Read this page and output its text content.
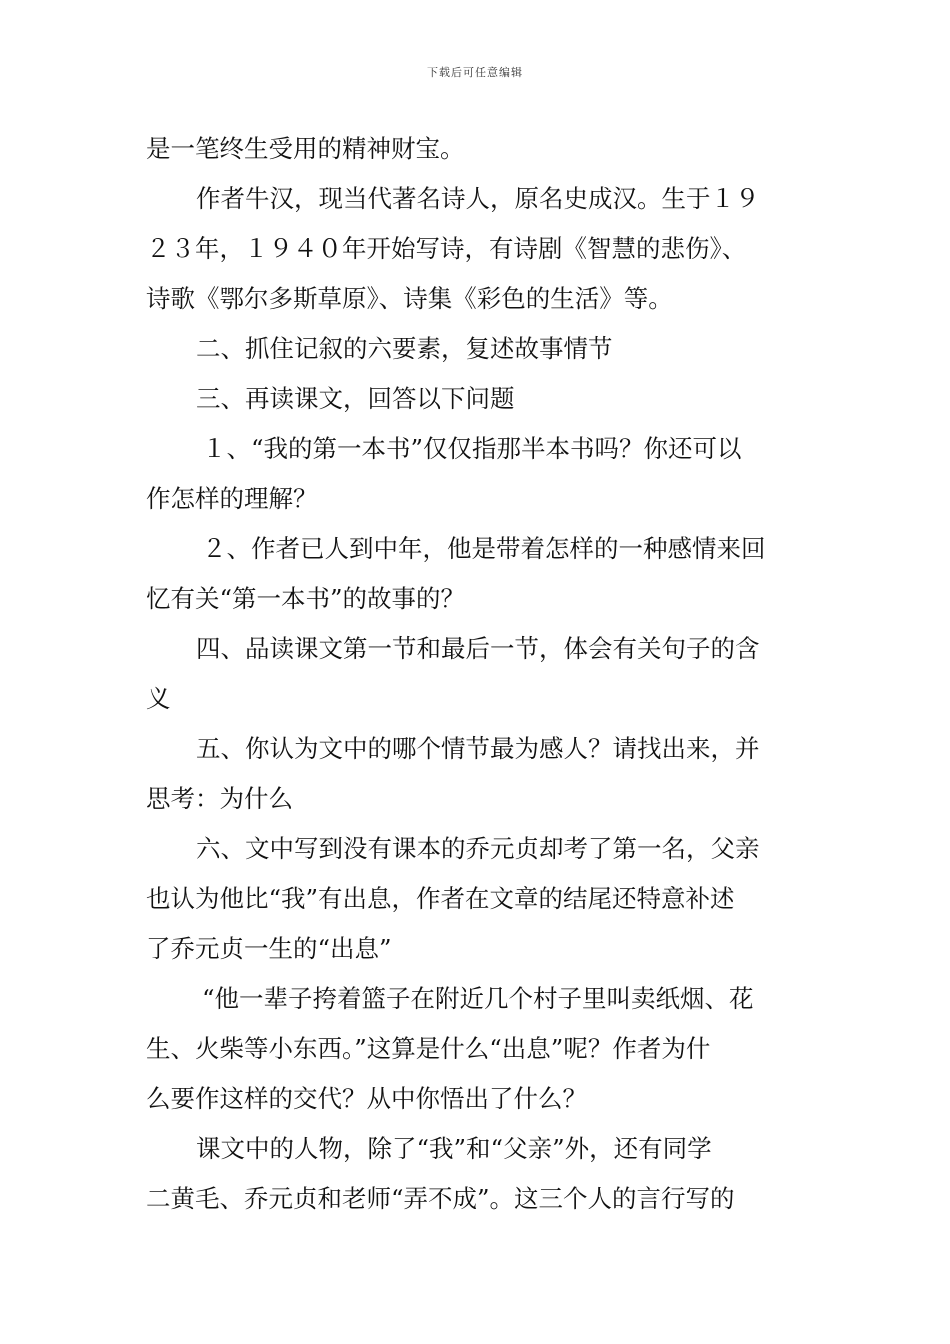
下载后可任意编辑
是一笔终生受用的精神财宝。
作者牛汉，现当代著名诗人，原名史成汉。生于１９
２３年，１９４０年开始写诗，有诗剧《智慧的悲伤》、
诗歌《鄂尔多斯草原》、诗集《彩色的生活》等。
二、抓住记叙的六要素，复述故事情节
三、再读课文，回答以下问题
１、“我的第一本书”仅仅指那半本书吗？你还可以
作怎样的理解？
２、作者已人到中年，他是带着怎样的一种感情来回
忆有关“第一本书”的故事的？
四、品读课文第一节和最后一节，体会有关句子的含
义
五、你认为文中的哪个情节最为感人？请找出来，并
思考：为什么
六、文中写到没有课本的乔元贞却考了第一名，父亲
也认为他比“我”有出息，作者在文章的结尾还特意补述
了乔元贞一生的“出息”
“他一辈子挎着篮子在附近几个村子里叫卖纸烟、花
生、火柴等小东西。”这算是什么“出息”呢？作者为什
么要作这样的交代？从中你悟出了什么？
课文中的人物，除了“我”和“父亲”外，还有同学
二黄毛、乔元贞和老师“弄不成”。这三个人的言行写的
